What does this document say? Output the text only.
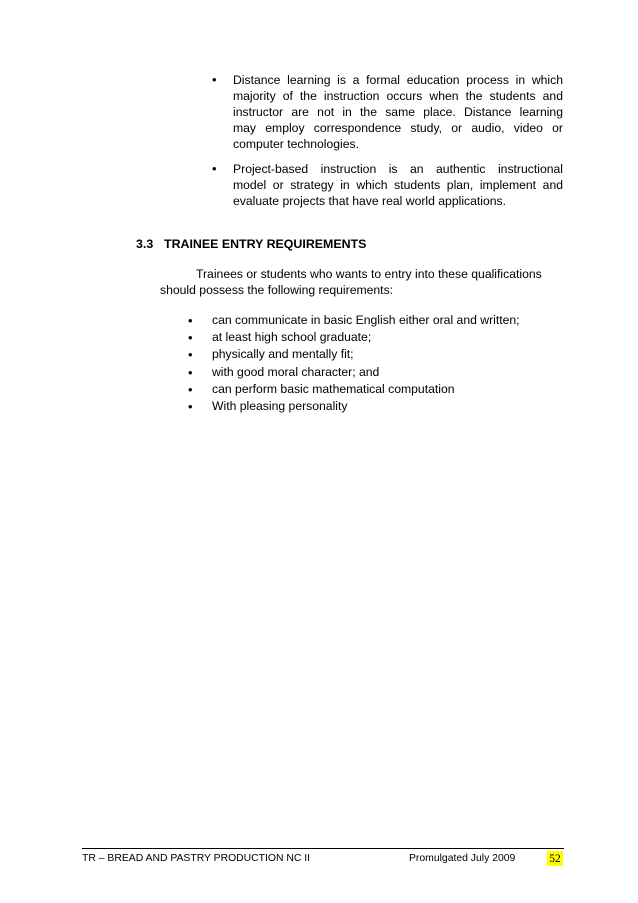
• Distance learning is a formal education process in which
majority of the instruction occurs when the students and
instructor are not in the same place. Distance learning
may employ correspondence study, or audio, video or
computer technologies.
• Project-based instruction is an authentic instructional
model or strategy in which students plan, implement and
evaluate projects that have real world applications.
3.3 TRAINEE ENTRY REQUIREMENTS
Trainees or students who wants to entry into these qualifications
should possess the following requirements:
• can communicate in basic English either oral and written;
• at least high school graduate;
• physically and mentally fit;
• with good moral character; and
• can perform basic mathematical computation
• With pleasing personality
TR – BREAD AND PASTRY PRODUCTION NC II	Promulgated July 2009	52
